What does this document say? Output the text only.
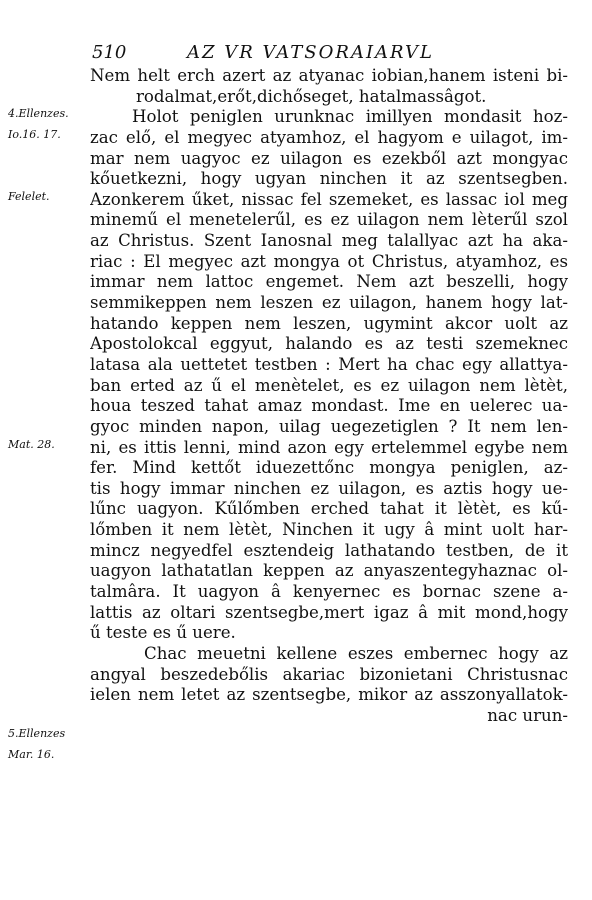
510	AZ VR VATSORAIARVL
4.Ellenzes.
Io.16. 17.
Felelet.
Mat. 28.
5.Ellenzes
Mar. 16.
Nem helt erch azert az atyanac iobian,hanem isteni bi-
rodalmat,erőt,dichőseget, hatalmassâgot.
Holot peniglen urunknac imillyen mondasit hoz-
zac elő, el megyec atyamhoz, el hagyom e uilagot, im-
mar nem uagyoc ez uilagon es ezekből azt mongyac
kőuetkezni, hogy ugyan ninchen it az szentsegben.
Azonkerem űket, nissac fel szemeket, es lassac iol meg
minemű el menetelerűl, es ez uilagon nem lèterűl szol
az Christus. Szent Ianosnal meg talallyac azt ha aka-
riac : El megyec azt mongya ot Christus, atyamhoz, es
immar nem lattoc engemet. Nem azt beszelli, hogy
semmikeppen nem leszen ez uilagon, hanem hogy lat-
hatando keppen nem leszen, ugymint akcor uolt az
Apostolokcal eggyut, halando es az testi szemeknec
latasa ala uettetet testben : Mert ha chac egy allattya-
ban erted az ű el menètelet, es ez uilagon nem lètèt,
houa teszed tahat amaz mondast. Ime en uelerec ua-
gyoc minden napon, uilag uegezetiglen ? It nem len-
ni, es ittis lenni, mind azon egy ertelemmel egybe nem
fer. Mind kettőt iduezettőnc mongya peniglen, az-
tis hogy immar ninchen ez uilagon, es aztis hogy ue-
lűnc uagyon. Kűlőmben erched tahat it lètèt, es kű-
lőmben it nem lètèt, Ninchen it ugy â mint uolt har-
mincz negyedfel esztendeig lathatando testben, de it
uagyon lathatatlan keppen az anyaszentegyhaznac ol-
talmâra. It uagyon â kenyernec es bornac szene a-
lattis az oltari szentsegbe,mert igaz â mit mond,hogy
ű teste es ű uere.
Chac meuetni kellene eszes embernec hogy az
angyal beszedebőlis akariac bizonietani Christusnac
ielen nem letet az szentsegbe, mikor az asszonyallatok-
nac urun-
